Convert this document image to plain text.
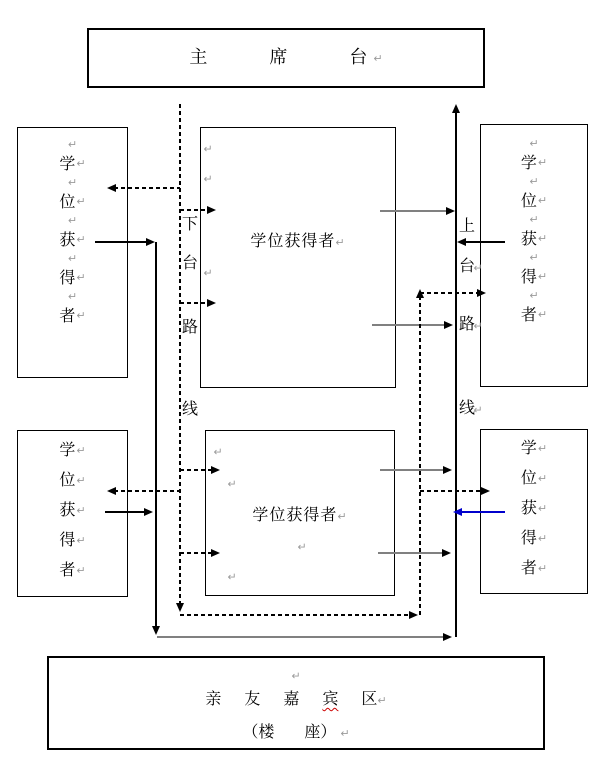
主	席	台 ↵
↵
学 ↵
↵
位 ↵
↵
获 ↵
↵
得 ↵
↵
者 ↵
学位获得者↵
↵
学 ↵
↵
位 ↵
↵
获 ↵
↵
得 ↵
↵
者 ↵
学 ↵
位 ↵
获 ↵
得 ↵
者 ↵
学位获得者↵
学 ↵
位 ↵
获 ↵
得 ↵
者 ↵
亲 友 嘉 宾 区↵
（楼 座） ↵
↵
↵
↵
↵
↵
↵
↵
↵
下
台
路
线
上
台
↵
路
↵
线
↵
